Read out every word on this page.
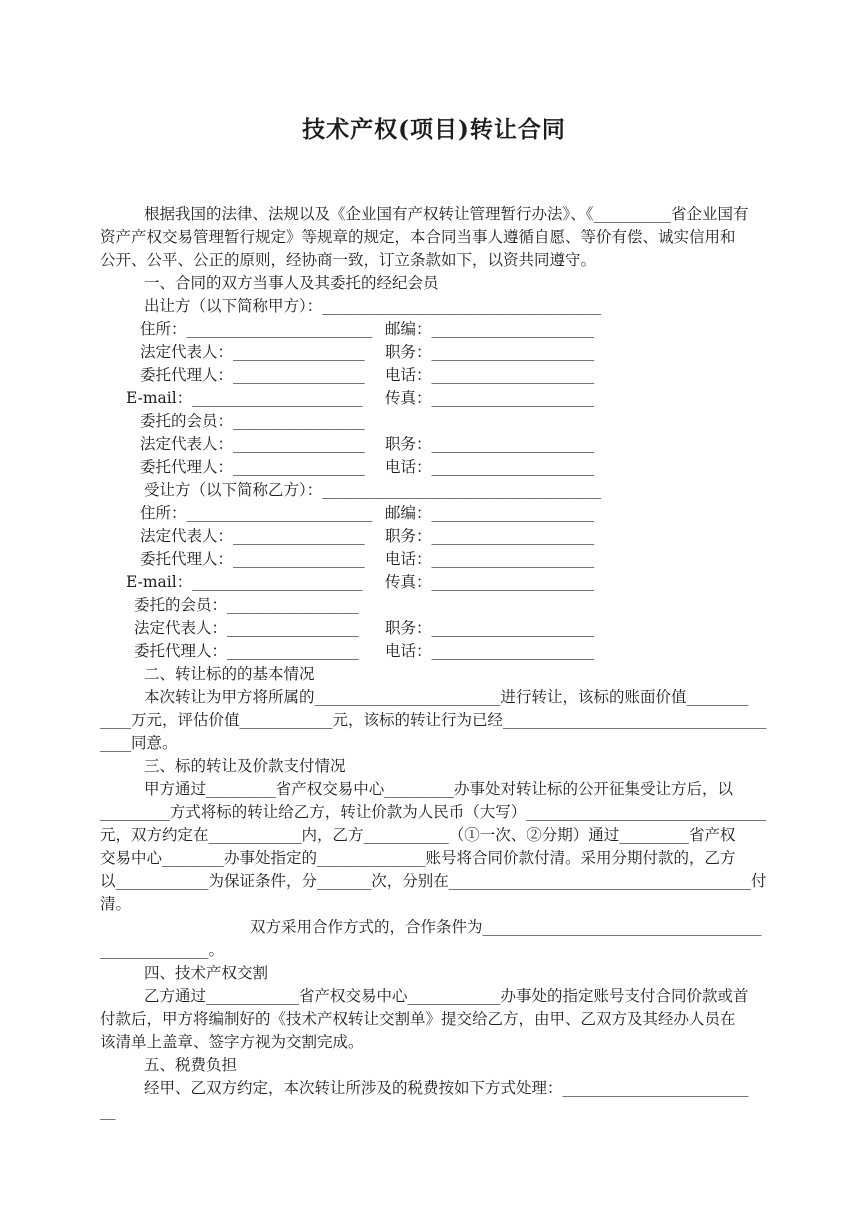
技术产权(项目)转让合同
根据我国的法律、法规以及《企业国有产权转让管理暂行办法》、《__________省企业国有
资产产权交易管理暂行规定》等规章的规定，本合同当事人遵循自愿、等价有偿、诚实信用和
公开、公平、公正的原则，经协商一致，订立条款如下，以资共同遵守。
一、合同的双方当事人及其委托的经纪会员
出让方（以下简称甲方）：____________________________________
住所：________________________ 邮编：_____________________
法定代表人：_________________ 职务：_____________________
委托代理人：_________________ 电话：_____________________
E-mail：______________________ 传真：_____________________
委托的会员：_________________
法定代表人：_________________ 职务：_____________________
委托代理人：_________________ 电话：_____________________
受让方（以下简称乙方）：____________________________________
住所：________________________ 邮编：_____________________
法定代表人：_________________ 职务：_____________________
委托代理人：_________________ 电话：_____________________
E-mail：______________________ 传真：_____________________
委托的会员：_________________
法定代表人：_________________ 职务：_____________________
委托代理人：_________________ 电话：_____________________
二、转让标的的基本情况
本次转让为甲方将所属的________________________进行转让，该标的账面价值________
____万元，评估价值____________元，该标的转让行为已经__________________________________
____同意。
三、标的转让及价款支付情况
甲方通过_________省产权交易中心_________办事处对转让标的公开征集受让方后，以
_________方式将标的转让给乙方，转让价款为人民币（大写）_______________________________
元，双方约定在____________内，乙方___________（①一次、②分期）通过_________省产权
交易中心________办事处指定的______________账号将合同价款付清。采用分期付款的，乙方
以____________为保证条件，分_______次，分别在_______________________________________付
清。
双方采用合作方式的，合作条件为____________________________________
______________。
四、技术产权交割
乙方通过____________省产权交易中心____________办事处的指定账号支付合同价款或首
付款后，甲方将编制好的《技术产权转让交割单》提交给乙方，由甲、乙双方及其经办人员在
该清单上盖章、签字方视为交割完成。
五、税费负担
经甲、乙双方约定，本次转让所涉及的税费按如下方式处理：________________________
__
